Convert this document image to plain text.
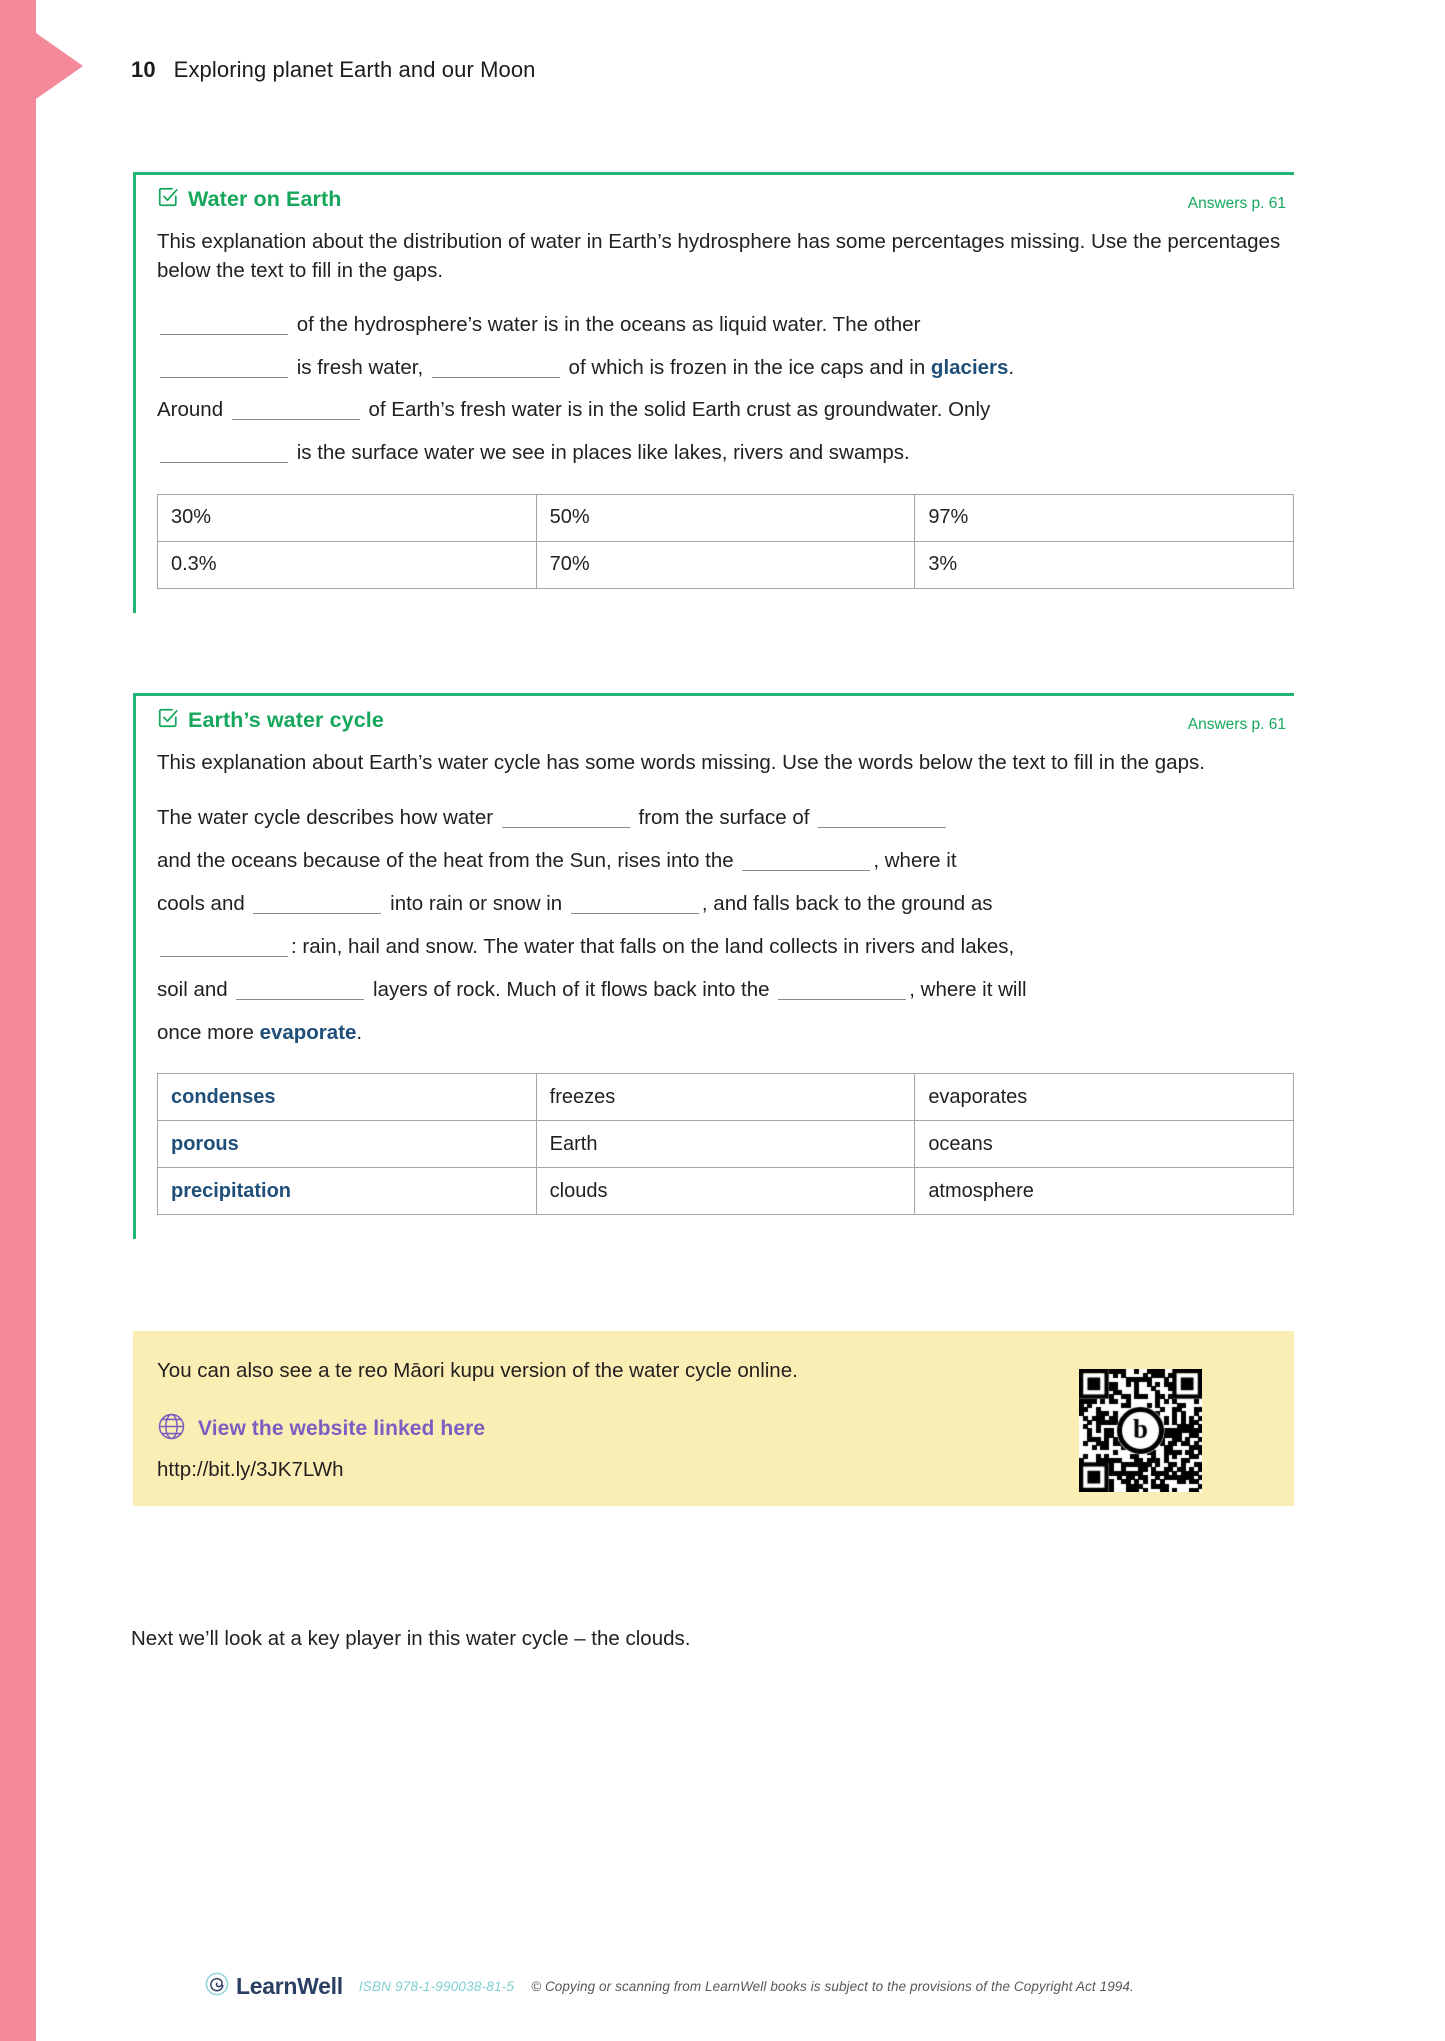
10 Exploring planet Earth and our Moon
Water on Earth	Answers p. 61
This explanation about the distribution of water in Earth’s hydrosphere has some percentages missing. Use the percentages below the text to fill in the gaps.
of the hydrosphere’s water is in the oceans as liquid water. The other
is fresh water,	of which is frozen in the ice caps and in glaciers.
Around	of Earth’s fresh water is in the solid Earth crust as groundwater. Only
is the surface water we see in places like lakes, rivers and swamps.
30%	50%	97%
0.3%	70%	3%
Earth’s water cycle	Answers p. 61
This explanation about Earth’s water cycle has some words missing. Use the words below the text to fill in the gaps.
The water cycle describes how water	from the surface of
and the oceans because of the heat from the Sun, rises into the	, where it
cools and	into rain or snow in	, and falls back to the ground as
: rain, hail and snow. The water that falls on the land collects in rivers and lakes,
soil and	layers of rock. Much of it flows back into the	, where it will
once more evaporate.
condenses	freezes	evaporates
porous	Earth	oceans
precipitation	clouds	atmosphere
You can also see a te reo Māori kupu version of the water cycle online.
View the website linked here
http://bit.ly/3JK7LWh
Next we’ll look at a key player in this water cycle – the clouds.
LearnWell ISBN 978-1-990038-81-5 © Copying or scanning from LearnWell books is subject to the provisions of the Copyright Act 1994.
